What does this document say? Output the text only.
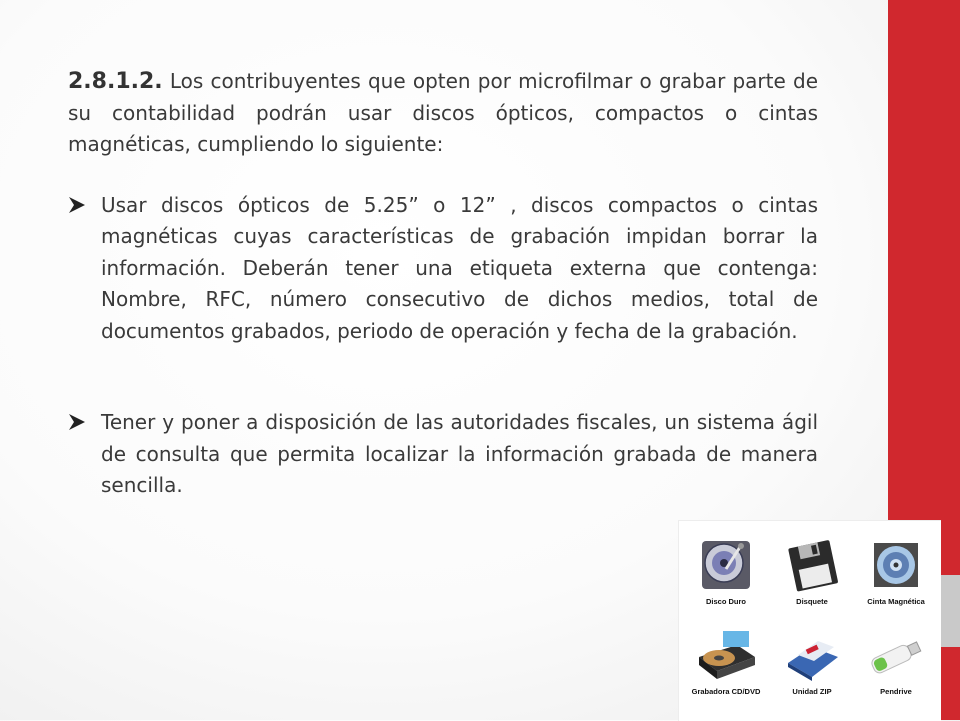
2.8.1.2. Los contribuyentes que opten por microfilmar o grabar parte de su contabilidad podrán usar discos ópticos, compactos o cintas magnéticas, cumpliendo lo siguiente:

Usar discos ópticos de 5.25” o 12” , discos compactos o cintas magnéticas cuyas características de grabación impidan borrar la información. Deberán tener una etiqueta externa que contenga: Nombre, RFC, número consecutivo de dichos medios, total de documentos grabados, periodo de operación y fecha de la grabación.

Tener y poner a disposición de las autoridades fiscales, un sistema ágil de consulta que permita localizar la información grabada de manera sencilla.

Disco Duro	Disquete	Cinta Magnética
Grabadora CD/DVD	Unidad ZIP	Pendrive
